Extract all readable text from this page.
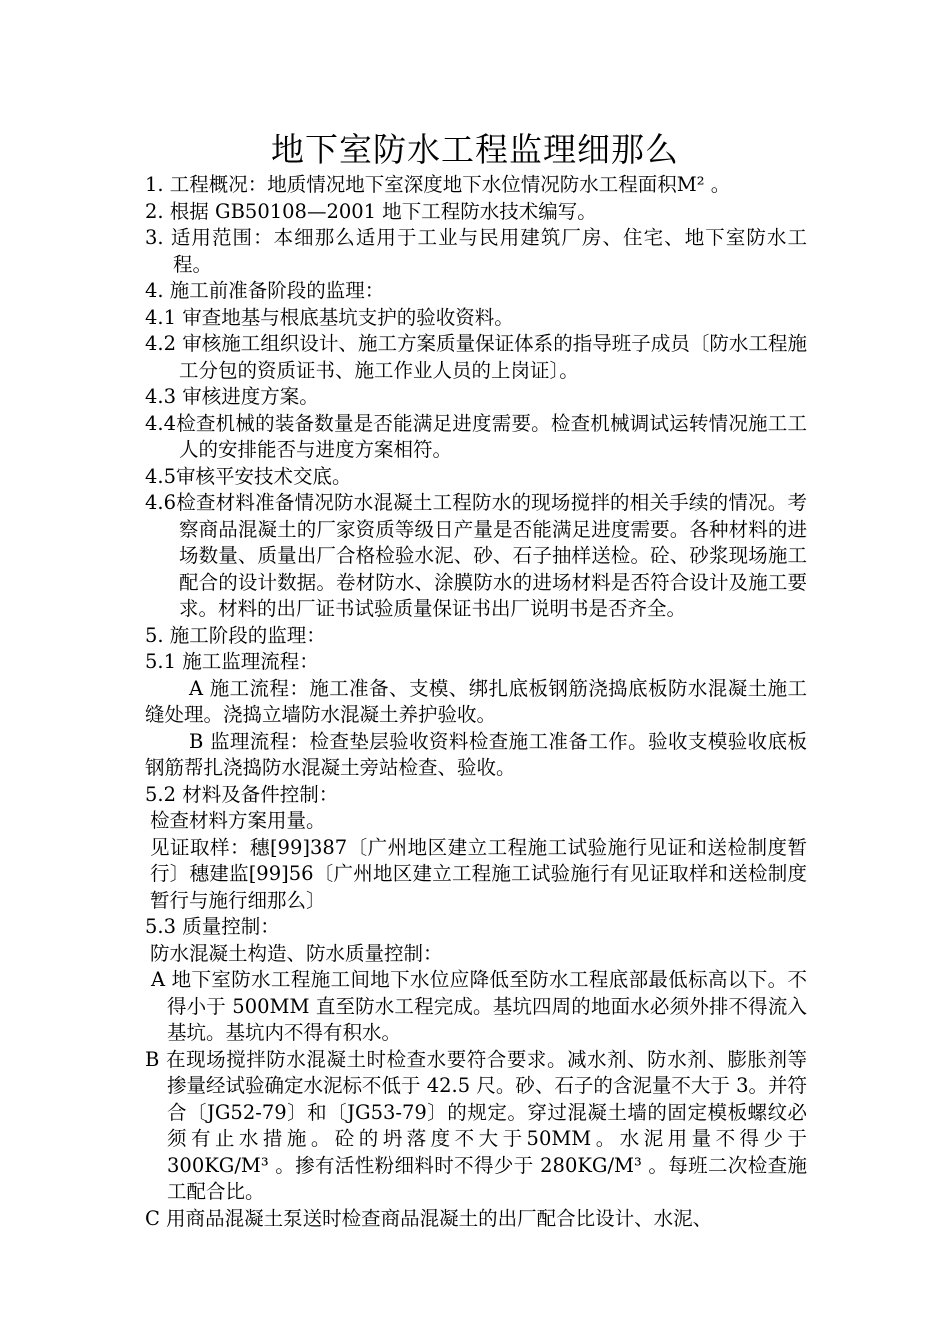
地下室防水工程监理细那么

1. 工程概况：地质情况地下室深度地下水位情况防水工程面积M² 。

2. 根据 GB50108—2001 地下工程防水技术编写。

3. 适用范围：本细那么适用于工业与民用建筑厂房、住宅、地下室防水工程。

4. 施工前准备阶段的监理：

4.1 审查地基与根底基坑支护的验收资料。

4.2 审核施工组织设计、施工方案质量保证体系的指导班子成员〔防水工程施工分包的资质证书、施工作业人员的上岗证〕。

4.3 审核进度方案。

4.4检查机械的装备数量是否能满足进度需要。检查机械调试运转情况施工工人的安排能否与进度方案相符。

4.5审核平安技术交底。

4.6检查材料准备情况防水混凝土工程防水的现场搅拌的相关手续的情况。考察商品混凝土的厂家资质等级日产量是否能满足进度需要。各种材料的进场数量、质量出厂合格检验水泥、砂、石子抽样送检。砼、砂浆现场施工配合的设计数据。卷材防水、涂膜防水的进场材料是否符合设计及施工要求。材料的出厂证书试验质量保证书出厂说明书是否齐全。

5. 施工阶段的监理：

5.1 施工监理流程：

A 施工流程：施工准备、支模、绑扎底板钢筋浇捣底板防水混凝土施工缝处理。浇捣立墙防水混凝土养护验收。

B 监理流程：检查垫层验收资料检查施工准备工作。验收支模验收底板钢筋帮扎浇捣防水混凝土旁站检查、验收。

5.2 材料及备件控制：

检查材料方案用量。

见证取样：穗[99]387〔广州地区建立工程施工试验施行见证和送检制度暂行〕穗建监[99]56〔广州地区建立工程施工试验施行有见证取样和送检制度暂行与施行细那么〕

5.3 质量控制：

防水混凝土构造、防水质量控制：

A 地下室防水工程施工间地下水位应降低至防水工程底部最低标高以下。不得小于 500MM 直至防水工程完成。基坑四周的地面水必须外排不得流入基坑。基坑内不得有积水。

B 在现场搅拌防水混凝土时检查水要符合要求。减水剂、防水剂、膨胀剂等掺量经试验确定水泥标不低于 42.5 尺。砂、石子的含泥量不大于 3。并符合〔JG52-79〕和〔JG53-79〕的规定。穿过混凝土墙的固定模板螺纹必须有止水措施。砼的坍落度不大于50MM。水泥用量不得少于 300KG/M³ 。掺有活性粉细料时不得少于 280KG/M³ 。每班二次检查施工配合比。

C 用商品混凝土泵送时检查商品混凝土的出厂配合比设计、水泥、
